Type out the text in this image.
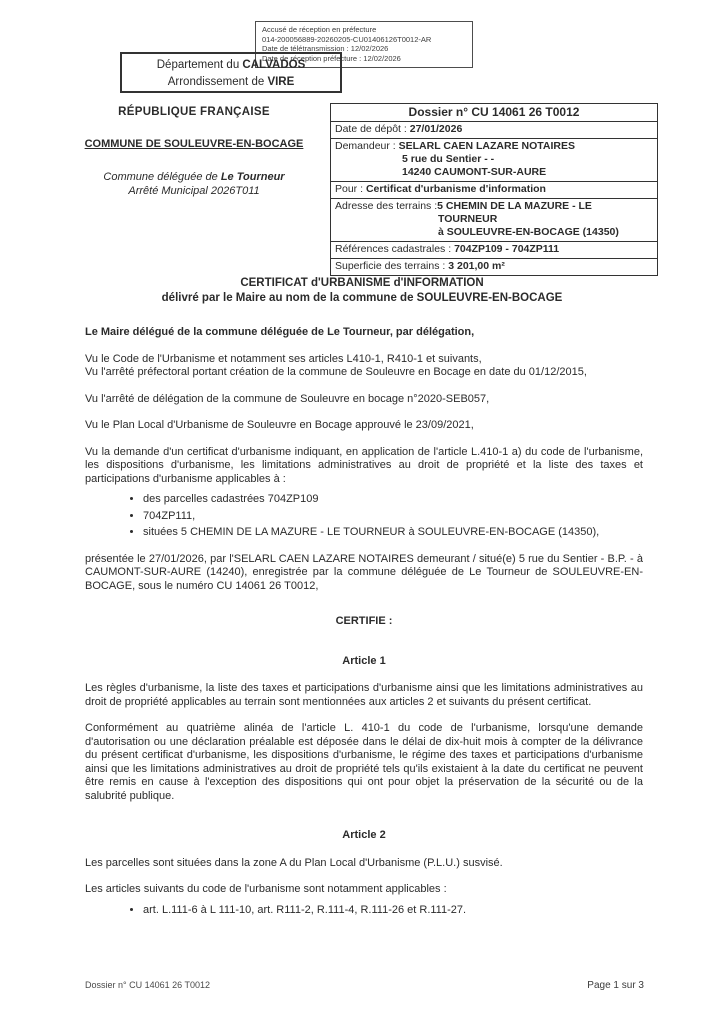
Accusé de réception en préfecture
014-200056889-20260205-CU01406126T0012-AR
Date de télétransmission : 12/02/2026
Date de réception préfecture : 12/02/2026
Département du CALVADOS
Arrondissement de VIRE
RÉPUBLIQUE FRANÇAISE
COMMUNE DE SOULEUVRE-EN-BOCAGE
Commune déléguée de Le Tourneur
Arrêté Municipal 2026T011
Dossier n° CU 14061 26 T0012
Date de dépôt : 27/01/2026
Demandeur : SELARL CAEN LAZARE NOTAIRES
5 rue du Sentier - -
14240 CAUMONT-SUR-AURE
Pour : Certificat d'urbanisme d'information
Adresse des terrains :5 CHEMIN DE LA MAZURE - LE
TOURNEUR
à SOULEUVRE-EN-BOCAGE (14350)
Références cadastrales : 704ZP109 - 704ZP111
Superficie des terrains : 3 201,00 m²
CERTIFICAT d'URBANISME d'INFORMATION
délivré par le Maire au nom de la commune de SOULEUVRE-EN-BOCAGE
Le Maire délégué de la commune déléguée de Le Tourneur, par délégation,
Vu le Code de l'Urbanisme et notamment ses articles L410-1, R410-1 et suivants,
Vu l'arrêté préfectoral portant création de la commune de Souleuvre en Bocage en date du 01/12/2015,
Vu l'arrêté de délégation de la commune de Souleuvre en bocage n°2020-SEB057,
Vu le Plan Local d'Urbanisme de Souleuvre en Bocage approuvé le 23/09/2021,
Vu la demande d'un certificat d'urbanisme indiquant, en application de l'article L.410-1 a) du code de l'urbanisme, les dispositions d'urbanisme, les limitations administratives au droit de propriété et la liste des taxes et participations d'urbanisme applicables à :
• des parcelles cadastrées 704ZP109
• 704ZP111,
• situées 5 CHEMIN DE LA MAZURE - LE TOURNEUR à SOULEUVRE-EN-BOCAGE (14350),
présentée le 27/01/2026, par l'SELARL CAEN LAZARE NOTAIRES demeurant / situé(e) 5 rue du Sentier - B.P. - à CAUMONT-SUR-AURE (14240), enregistrée par la commune déléguée de Le Tourneur de SOULEUVRE-EN-BOCAGE, sous le numéro CU 14061 26 T0012,
CERTIFIE :
Article 1
Les règles d'urbanisme, la liste des taxes et participations d'urbanisme ainsi que les limitations administratives au droit de propriété applicables au terrain sont mentionnées aux articles 2 et suivants du présent certificat.
Conformément au quatrième alinéa de l'article L. 410-1 du code de l'urbanisme, lorsqu'une demande d'autorisation ou une déclaration préalable est déposée dans le délai de dix-huit mois à compter de la délivrance du présent certificat d'urbanisme, les dispositions d'urbanisme, le régime des taxes et participations d'urbanisme ainsi que les limitations administratives au droit de propriété tels qu'ils existaient à la date du certificat ne peuvent être remis en cause à l'exception des dispositions qui ont pour objet la préservation de la sécurité ou de la salubrité publique.
Article 2
Les parcelles sont situées dans la zone A du Plan Local d'Urbanisme (P.L.U.) susvisé.
Les articles suivants du code de l'urbanisme sont notamment applicables :
• art. L.111-6 à L 111-10, art. R111-2, R.111-4, R.111-26 et R.111-27.
Dossier n° CU 14061 26 T0012	Page 1 sur 3
